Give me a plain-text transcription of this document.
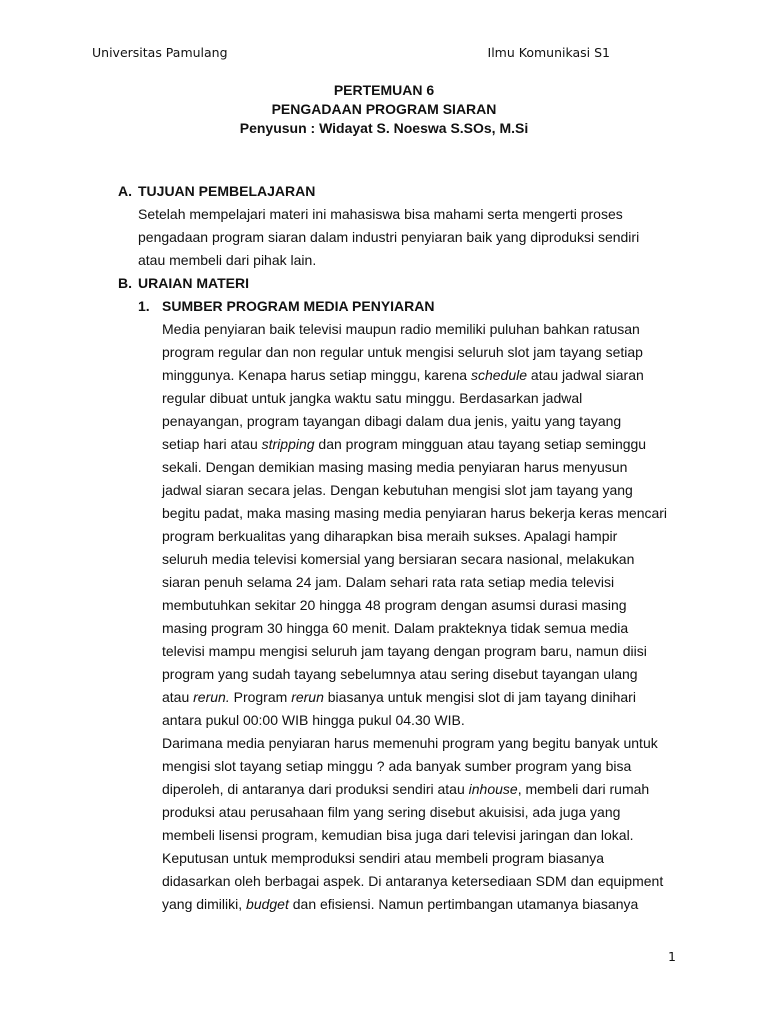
Universitas Pamulang	Ilmu Komunikasi S1
PERTEMUAN 6
PENGADAAN PROGRAM SIARAN
Penyusun : Widayat S. Noeswa S.SOs, M.Si
A. TUJUAN PEMBELAJARAN
Setelah mempelajari materi ini mahasiswa bisa mahami serta mengerti proses
pengadaan program siaran dalam industri penyiaran baik yang diproduksi sendiri
atau membeli dari pihak lain.
B. URAIAN MATERI
1. SUMBER PROGRAM MEDIA PENYIARAN
Media penyiaran baik televisi maupun radio memiliki puluhan bahkan ratusan
program regular dan non regular untuk mengisi seluruh slot jam tayang setiap
minggunya. Kenapa harus setiap minggu, karena schedule atau jadwal siaran
regular dibuat untuk jangka waktu satu minggu. Berdasarkan jadwal
penayangan, program tayangan dibagi dalam dua jenis, yaitu yang tayang
setiap hari atau stripping dan program mingguan atau tayang setiap seminggu
sekali. Dengan demikian masing masing media penyiaran harus menyusun
jadwal siaran secara jelas. Dengan kebutuhan mengisi slot jam tayang yang
begitu padat, maka masing masing media penyiaran harus bekerja keras mencari
program berkualitas yang diharapkan bisa meraih sukses. Apalagi hampir
seluruh media televisi komersial yang bersiaran secara nasional, melakukan
siaran penuh selama 24 jam. Dalam sehari rata rata setiap media televisi
membutuhkan sekitar 20 hingga 48 program dengan asumsi durasi masing
masing program 30 hingga 60 menit. Dalam prakteknya tidak semua media
televisi mampu mengisi seluruh jam tayang dengan program baru, namun diisi
program yang sudah tayang sebelumnya atau sering disebut tayangan ulang
atau rerun. Program rerun biasanya untuk mengisi slot di jam tayang dinihari
antara pukul 00:00 WIB hingga pukul 04.30 WIB.
Darimana media penyiaran harus memenuhi program yang begitu banyak untuk
mengisi slot tayang setiap minggu ? ada banyak sumber program yang bisa
diperoleh, di antaranya dari produksi sendiri atau inhouse, membeli dari rumah
produksi atau perusahaan film yang sering disebut akuisisi, ada juga yang
membeli lisensi program, kemudian bisa juga dari televisi jaringan dan lokal.
Keputusan untuk memproduksi sendiri atau membeli program biasanya
didasarkan oleh berbagai aspek. Di antaranya ketersediaan SDM dan equipment
yang dimiliki, budget dan efisiensi. Namun pertimbangan utamanya biasanya
1
